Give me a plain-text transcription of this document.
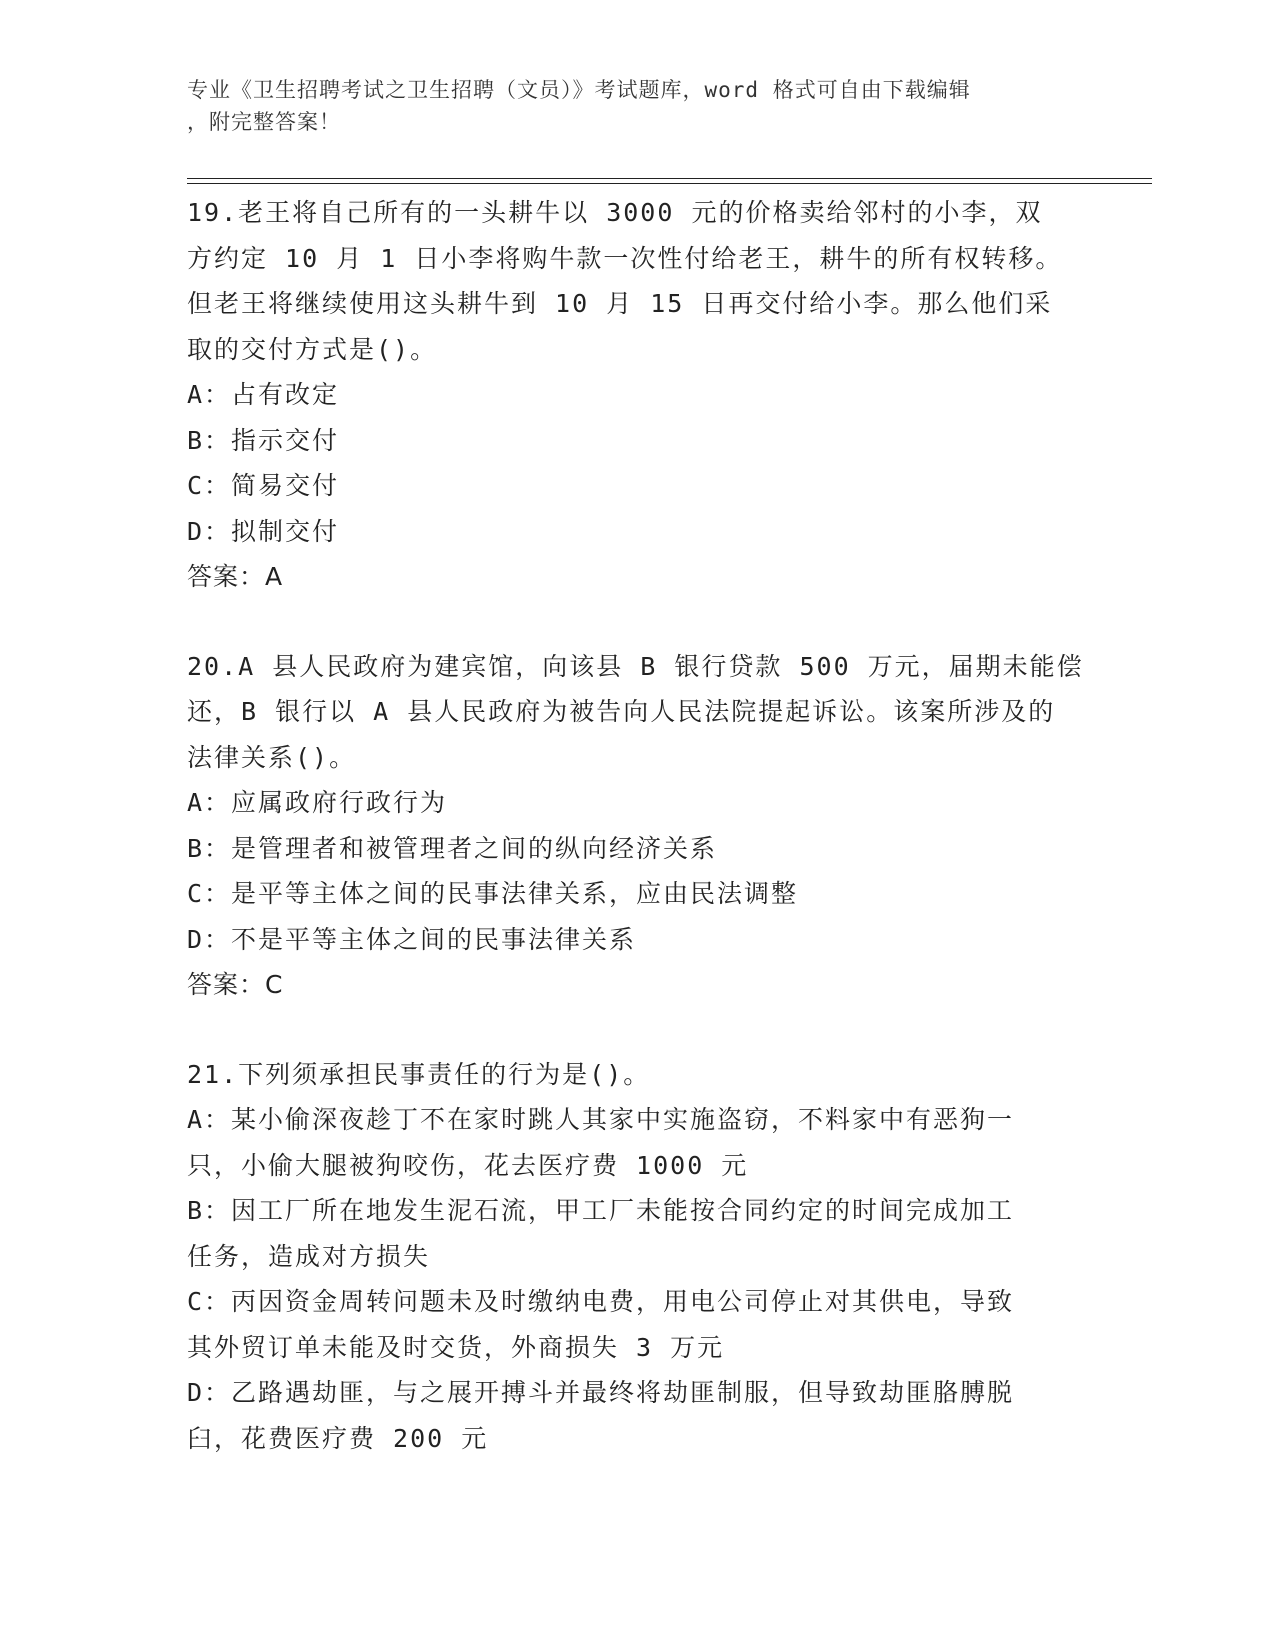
专业《卫生招聘考试之卫生招聘（文员）》考试题库，word 格式可自由下载编辑
，附完整答案！
19.老王将自己所有的一头耕牛以 3000 元的价格卖给邻村的小李，双
方约定 10 月 1 日小李将购牛款一次性付给老王，耕牛的所有权转移。
但老王将继续使用这头耕牛到 10 月 15 日再交付给小李。那么他们采
取的交付方式是()。
A：占有改定
B：指示交付
C：简易交付
D：拟制交付
答案：A
20.A 县人民政府为建宾馆，向该县 B 银行贷款 500 万元，届期未能偿
还，B 银行以 A 县人民政府为被告向人民法院提起诉讼。该案所涉及的
法律关系()。
A：应属政府行政行为
B：是管理者和被管理者之间的纵向经济关系
C：是平等主体之间的民事法律关系，应由民法调整
D：不是平等主体之间的民事法律关系
答案：C
21.下列须承担民事责任的行为是()。
A：某小偷深夜趁丁不在家时跳人其家中实施盗窃，不料家中有恶狗一
只，小偷大腿被狗咬伤，花去医疗费 1000 元
B：因工厂所在地发生泥石流，甲工厂未能按合同约定的时间完成加工
任务，造成对方损失
C：丙因资金周转问题未及时缴纳电费，用电公司停止对其供电，导致
其外贸订单未能及时交货，外商损失 3 万元
D：乙路遇劫匪，与之展开搏斗并最终将劫匪制服，但导致劫匪胳膊脱
臼，花费医疗费 200 元
